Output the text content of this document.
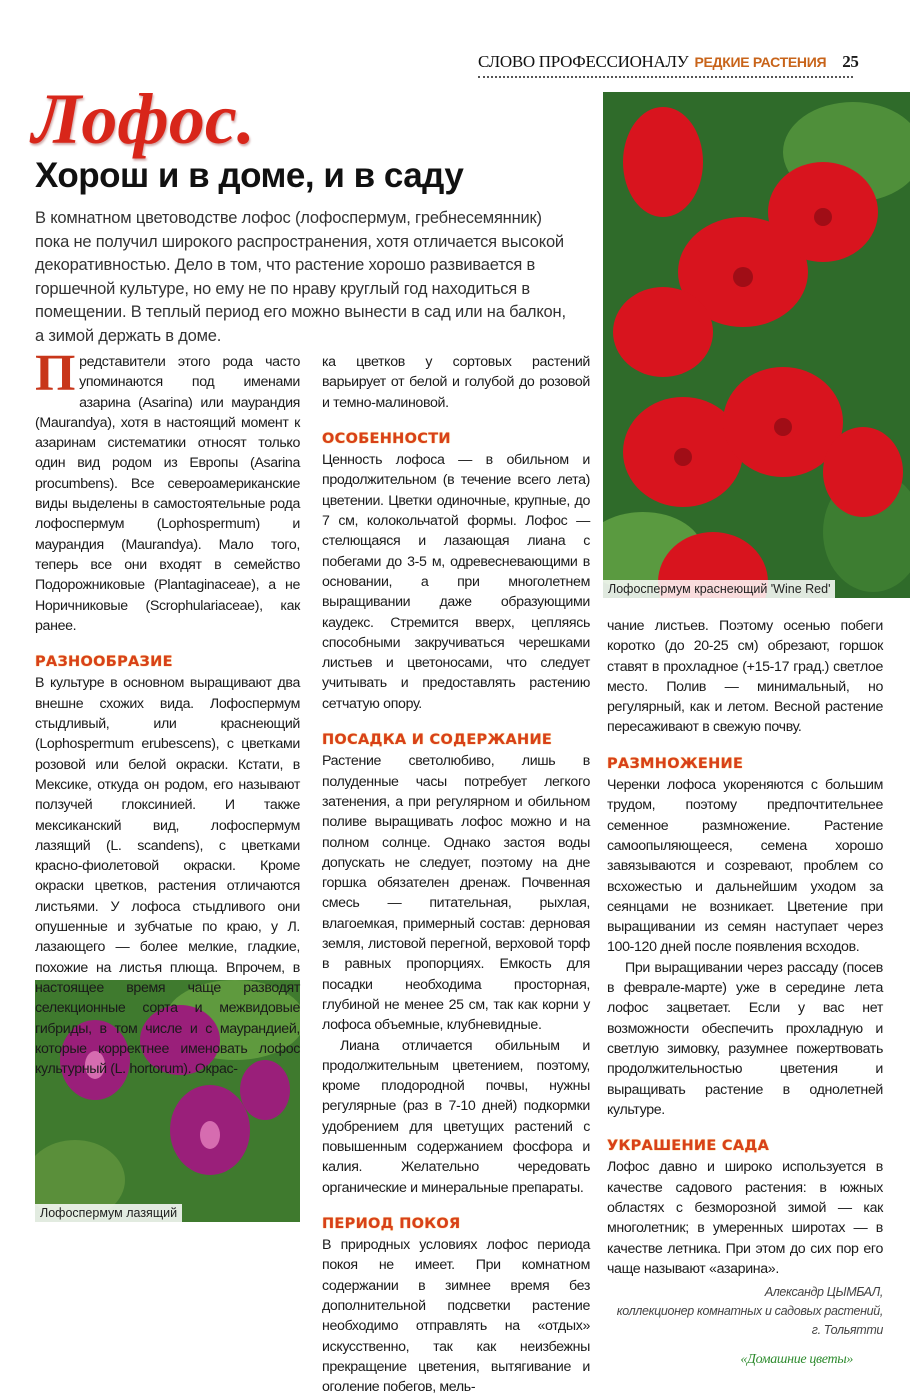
СЛОВО ПРОФЕССИОНАЛУ РЕДКИЕ РАСТЕНИЯ 25
Лофос.
Хорош и в доме, и в саду

В комнатном цветоводстве лофос (лофоспермум, гребнесемянник) пока не получил широкого распространения, хотя отличается высокой декоративностью. Дело в том, что растение хорошо развивается в горшечной культуре, но ему не по нраву круглый год находиться в помещении. В теплый период его можно вынести в сад или на балкон, а зимой держать в доме.

Лофоспермум краснеющий 'Wine Red'
Лофоспермум лазящий

Представители этого рода часто упоминаются под именами азарина (Asarina) или маурандия (Maurandya), хотя в настоящий момент к азаринам систематики относят только один вид родом из Европы (Asarina procumbens). Все североамериканские виды выделены в самостоятельные рода лофоспермум (Lophospermum) и маурандия (Maurandya). Мало того, теперь все они входят в семейство Подорожниковые (Plantaginaceae), а не Норичниковые (Scrophulariaceae), как ранее.

РАЗНООБРАЗИЕ

В культуре в основном выращивают два внешне схожих вида. Лофоспермум стыдливый, или краснеющий (Lophospermum erubescens), с цветками розовой или белой окраски. Кстати, в Мексике, откуда он родом, его называют ползучей глоксинией. И также мексиканский вид, лофоспермум лазящий (L. scandens), с цветками красно-фиолетовой окраски. Кроме окраски цветков, растения отличаются листьями. У лофоса стыдливого они опушенные и зубчатые по краю, у Л. лазающего — более мелкие, гладкие, похожие на листья плюща. Впрочем, в настоящее время чаще разводят селекционные сорта и межвидовые гибриды, в том числе и с маурандией, которые корректнее именовать лофос культурный (L. hortorum). Окрас-

ка цветков у сортовых растений варьирует от белой и голубой до розовой и темно-малиновой.

ОСОБЕННОСТИ

Ценность лофоса — в обильном и продолжительном (в течение всего лета) цветении. Цветки одиночные, крупные, до 7 см, колокольчатой формы. Лофос — стелющаяся и лазающая лиана с побегами до 3-5 м, одревесневающими в основании, а при многолетнем выращивании даже образующими каудекс. Стремится вверх, цепляясь способными закручиваться черешками листьев и цветоносами, что следует учитывать и предоставлять растению сетчатую опору.

ПОСАДКА И СОДЕРЖАНИЕ

Растение светолюбиво, лишь в полуденные часы потребует легкого затенения, а при регулярном и обильном поливе выращивать лофос можно и на полном солнце. Однако застоя воды допускать не следует, поэтому на дне горшка обязателен дренаж. Почвенная смесь — питательная, рыхлая, влагоемкая, примерный состав: дерновая земля, листовой перегной, верховой торф в равных пропорциях. Емкость для посадки необходима просторная, глубиной не менее 25 см, так как корни у лофоса объемные, клубневидные.

Лиана отличается обильным и продолжительным цветением, поэтому, кроме плодородной почвы, нужны регулярные (раз в 7-10 дней) подкормки удобрением для цветущих растений с повышенным содержанием фосфора и калия. Желательно чередовать органические и минеральные препараты.

ПЕРИОД ПОКОЯ

В природных условиях лофос периода покоя не имеет. При комнатном содержании в зимнее время без дополнительной подсветки растение необходимо отправлять на «отдых» искусственно, так как неизбежны прекращение цветения, вытягивание и оголение побегов, мель-

чание листьев. Поэтому осенью побеги коротко (до 20-25 см) обрезают, горшок ставят в прохладное (+15-17 град.) светлое место. Полив — минимальный, но регулярный, как и летом. Весной растение пересаживают в свежую почву.

РАЗМНОЖЕНИЕ

Черенки лофоса укореняются с большим трудом, поэтому предпочтительнее семенное размножение. Растение самоопыляющееся, семена хорошо завязываются и созревают, проблем со всхожестью и дальнейшим уходом за сеянцами не возникает. Цветение при выращивании из семян наступает через 100-120 дней после появления всходов.

При выращивании через рассаду (посев в феврале-марте) уже в середине лета лофос зацветает. Если у вас нет возможности обеспечить прохладную и светлую зимовку, разумнее пожертвовать продолжительностью цветения и выращивать растение в однолетней культуре.

УКРАШЕНИЕ САДА

Лофос давно и широко используется в качестве садового растения: в южных областях с безморозной зимой — как многолетник; в умеренных широтах — в качестве летника. При этом до сих пор его чаще называют «азарина».

Александр ЦЫМБАЛ,
коллекционер комнатных и садовых растений,
г. Тольятти
«Домашние цветы»
